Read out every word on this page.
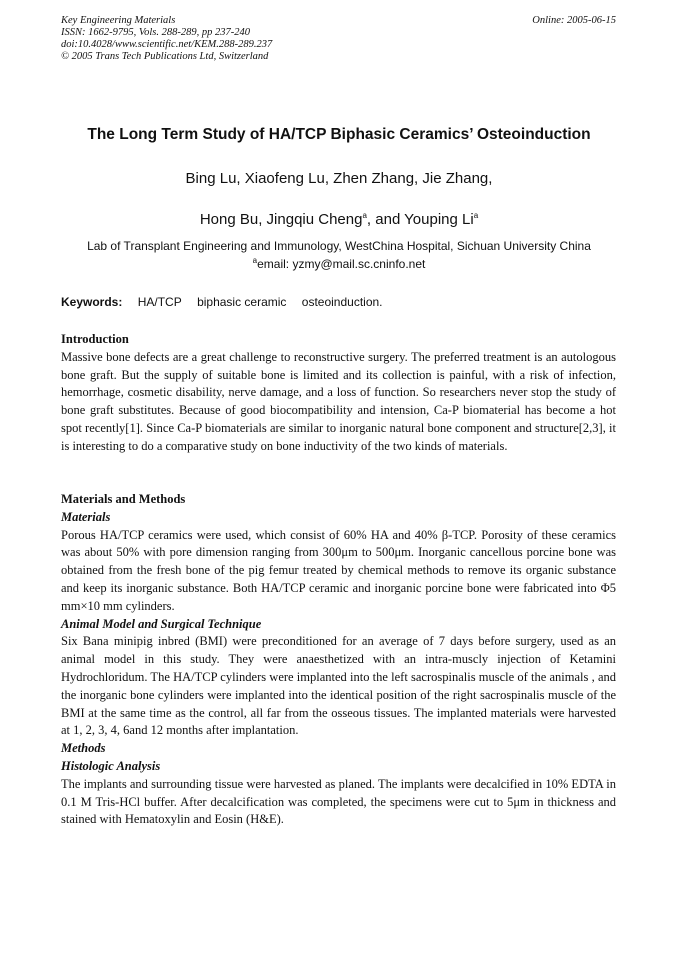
Key Engineering Materials
ISSN: 1662-9795, Vols. 288-289, pp 237-240
doi:10.4028/www.scientific.net/KEM.288-289.237
© 2005 Trans Tech Publications Ltd, Switzerland
Online: 2005-06-15
The Long Term Study of HA/TCP Biphasic Ceramics’ Osteoinduction
Bing Lu, Xiaofeng Lu, Zhen Zhang, Jie Zhang,
Hong Bu, Jingqiu Cheng$^a$, and Youping Li$^a$
Lab of Transplant Engineering and Immunology, WestChina Hospital, Sichuan University China
$^a$email: yzmy@mail.sc.cninfo.net
Keywords: HA/TCP biphasic ceramic osteoinduction.
Introduction

Massive bone defects are a great challenge to reconstructive surgery. The preferred treatment is an autologous bone graft. But the supply of suitable bone is limited and its collection is painful, with a risk of infection, hemorrhage, cosmetic disability, nerve damage, and a loss of function. So researchers never stop the study of bone graft substitutes. Because of good biocompatibility and intension, Ca-P biomaterial has become a hot spot recently[1]. Since Ca-P biomaterials are similar to inorganic natural bone component and structure[2,3], it is interesting to do a comparative study on bone inductivity of the two kinds of materials.

Materials and Methods
Materials

Porous HA/TCP ceramics were used, which consist of 60% HA and 40% β-TCP. Porosity of these ceramics was about 50% with pore dimension ranging from 300μm to 500μm. Inorganic cancellous porcine bone was obtained from the fresh bone of the pig femur treated by chemical methods to remove its organic substance and keep its inorganic substance. Both HA/TCP ceramic and inorganic porcine bone were fabricated into Φ5 mm×10 mm cylinders.

Animal Model and Surgical Technique

Six Bana minipig inbred (BMI) were preconditioned for an average of 7 days before surgery, used as an animal model in this study. They were anaesthetized with an intra-muscly injection of Ketamini Hydrochloridum. The HA/TCP cylinders were implanted into the left sacrospinalis muscle of the animals , and the inorganic bone cylinders were implanted into the identical position of the right sacrospinalis muscle of the BMI at the same time as the control, all far from the osseous tissues. The implanted materials were harvested at 1, 2, 3, 4, 6and 12 months after implantation.

Methods
Histologic Analysis

The implants and surrounding tissue were harvested as planed. The implants were decalcified in 10% EDTA in 0.1 M Tris-HCl buffer. After decalcification was completed, the specimens were cut to 5μm in thickness and stained with Hematoxylin and Eosin (H&E).
